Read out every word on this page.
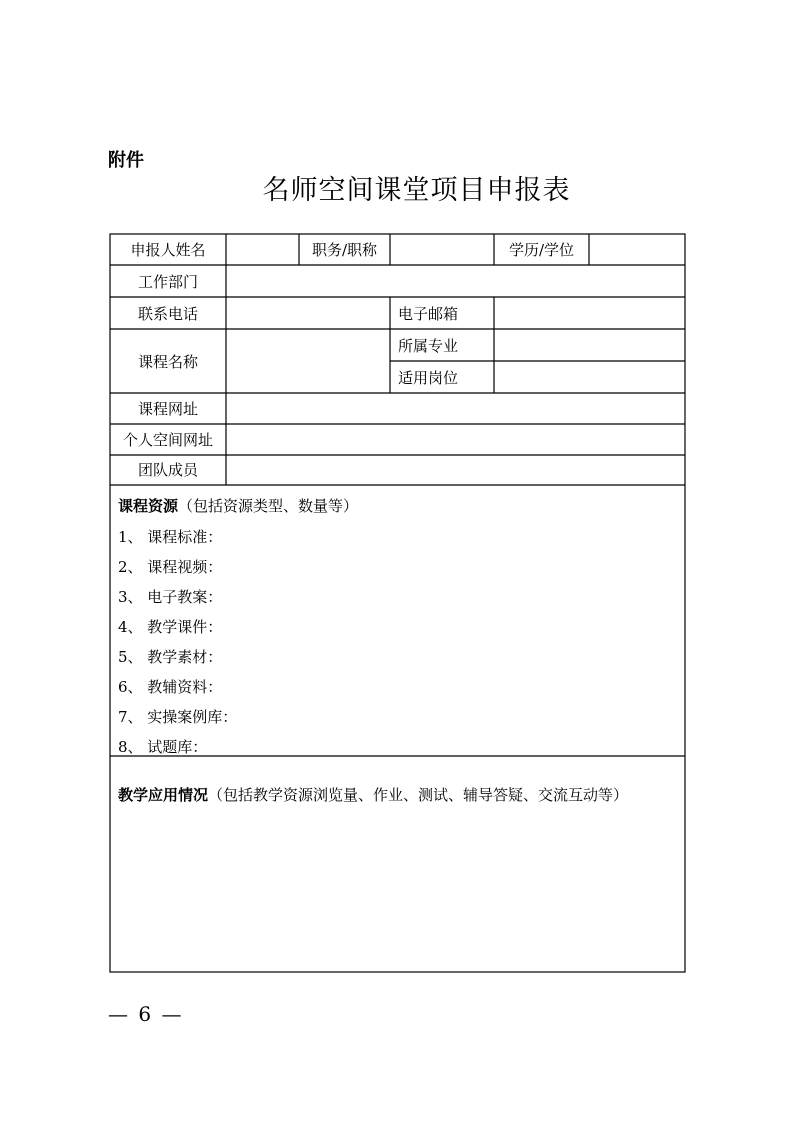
附件
名师空间课堂项目申报表
申报人姓名	职务/职称	学历/学位
工作部门
联系电话	电子邮箱
课程名称
所属专业
适用岗位
课程网址
个人空间网址
团队成员
课程资源（包括资源类型、数量等）
1、 课程标准：
2、 课程视频：
3、 电子教案：
4、 教学课件：
5、 教学素材：
6、 教辅资料：
7、 实操案例库：
8、 试题库：
教学应用情况（包括教学资源浏览量、作业、测试、辅导答疑、交流互动等）
— 6 —
